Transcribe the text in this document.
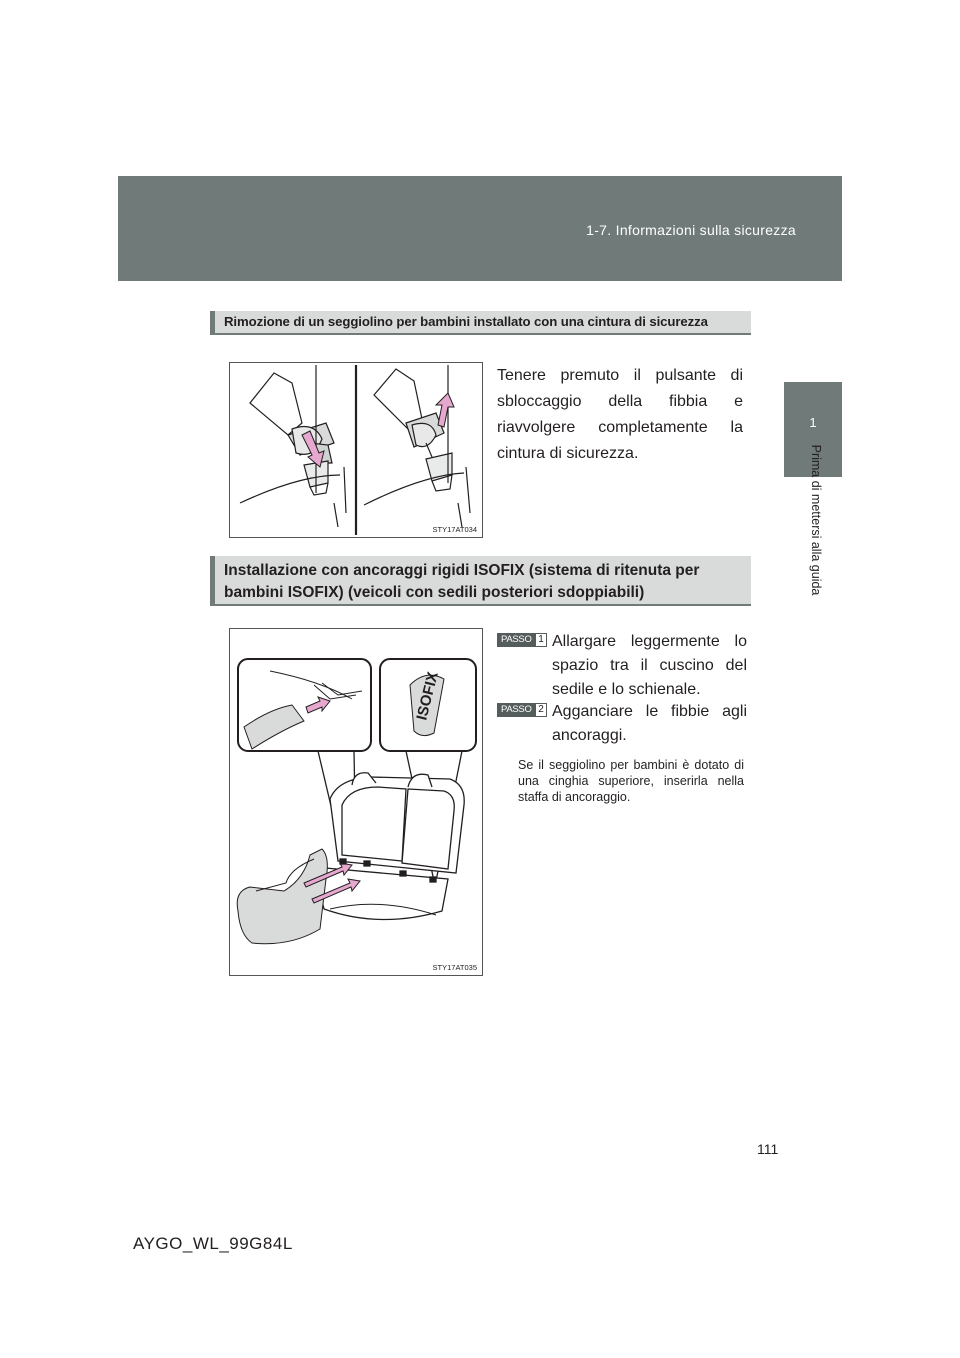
1-7. Informazioni sulla sicurezza
1
Prima di mettersi alla guida
Rimozione di un seggiolino per bambini installato con una cintura di sicurezza
STY17AT034
Tenere premuto il pulsante di sbloccaggio della fibbia e riavvolgere completamente la cintura di sicurezza.
Installazione con ancoraggi rigidi ISOFIX (sistema di ritenuta per bambini ISOFIX) (veicoli con sedili posteriori sdoppiabili)
ISOFIX
STY17AT035
PASSO 1 Allargare leggermente lo spazio tra il cuscino del sedile e lo schienale.
PASSO 2 Agganciare le fibbie agli ancoraggi.
Se il seggiolino per bambini è dotato di una cinghia superiore, inserirla nella staffa di ancoraggio.
111
AYGO_WL_99G84L
